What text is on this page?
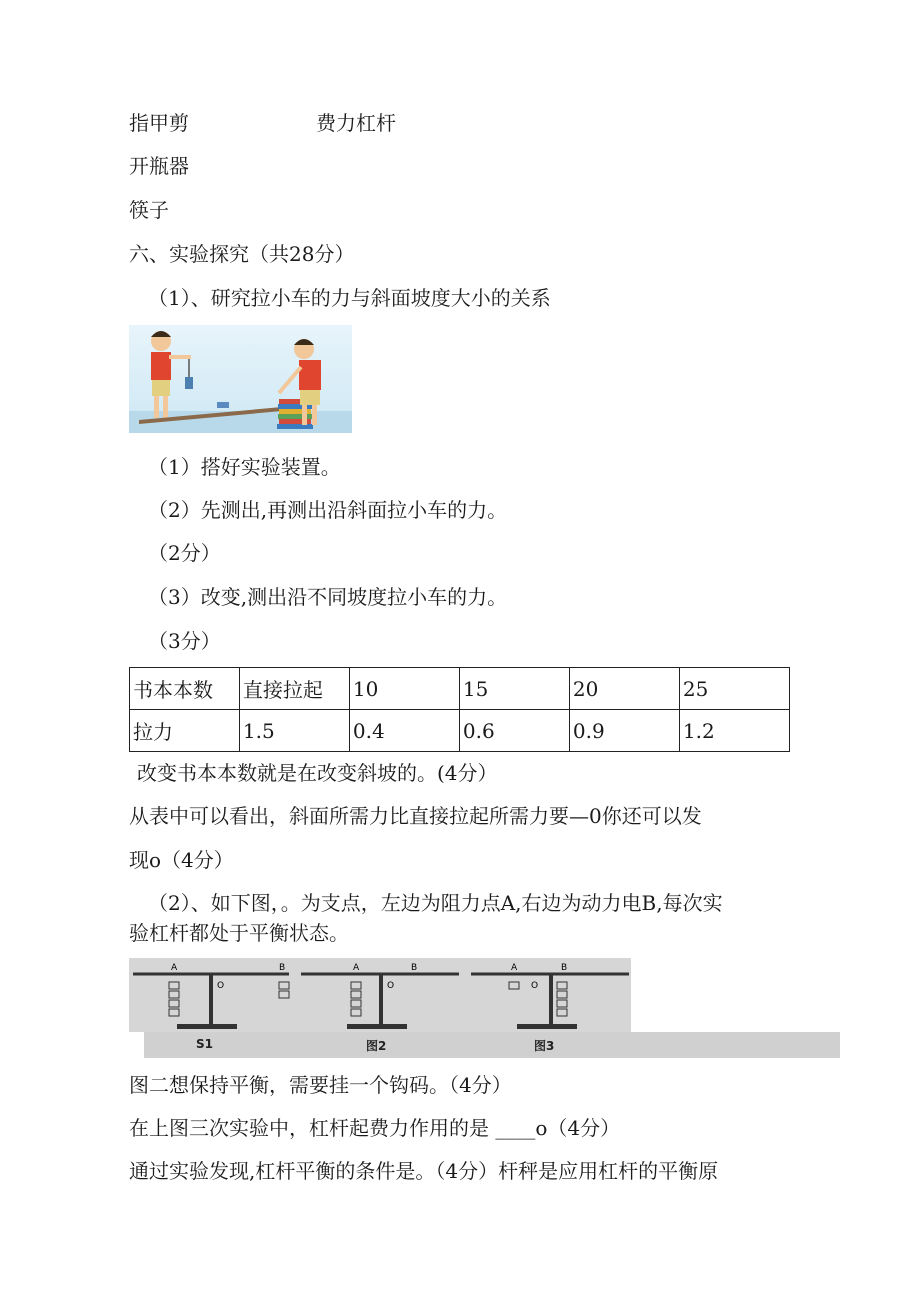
指甲剪	费力杠杆
开瓶器
筷子
六、实验探究（共28分）
（1）、研究拉小车的力与斜面坡度大小的关系
（1）搭好实验装置。
（2）先测出,再测出沿斜面拉小车的力。
（2分）
（3）改变,测出沿不同坡度拉小车的力。
（3分）
书本本数	直接拉起	10	15	20	25
拉力	1.5	0.4	0.6	0.9	1.2
改变书本本数就是在改变斜坡的。(4分）
从表中可以看出，斜面所需力比直接拉起所需力要—0你还可以发
现o（4分）
（2）、如下图，。为支点，左边为阻力点A,右边为动力电B,每次实
验杠杆都处于平衡状态。
A	B
O
A	B
O
A	B
O
S1	图2	图3
图二想保持平衡，需要挂一个钩码。（4分）
在上图三次实验中，杠杆起费力作用的是 ____o（4分）
通过实验发现,杠杆平衡的条件是。（4分）杆秤是应用杠杆的平衡原
